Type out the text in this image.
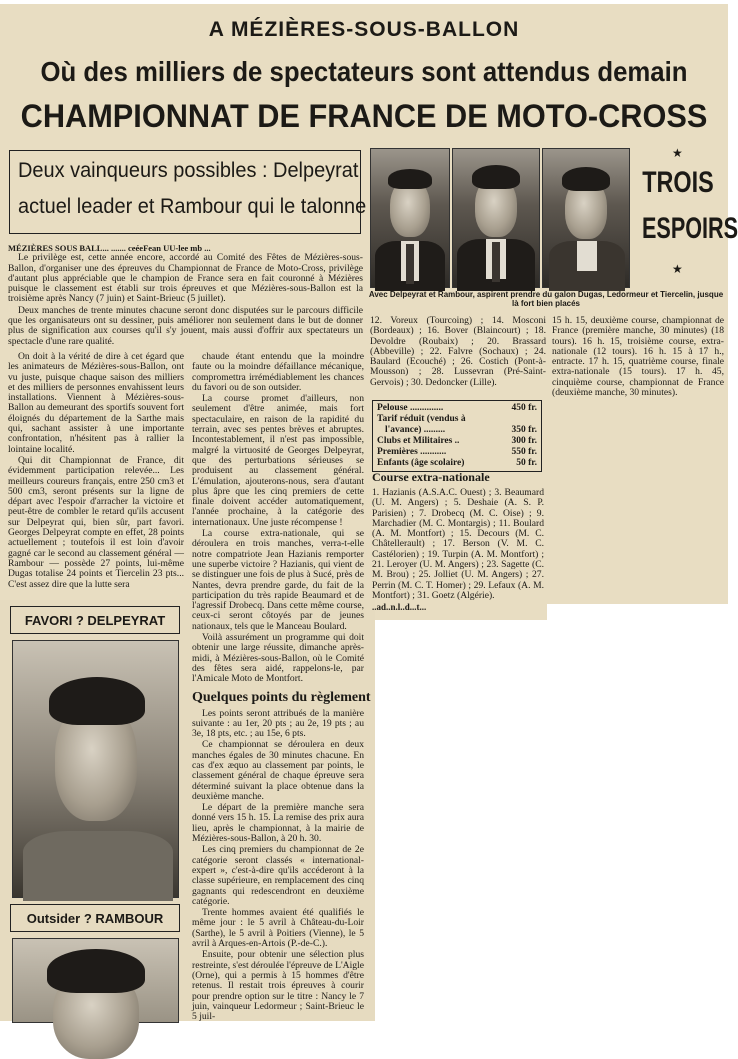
A MÉZIÈRES-SOUS-BALLON
Où des milliers de spectateurs sont attendus demain
CHAMPIONNAT DE FRANCE DE MOTO-CROSS
Deux vainqueurs possibles : Delpeyrat
actuel leader et Rambour qui le talonne
★
TROIS
ESPOIRS
★
Avec Delpeyrat et Rambour, aspirent prendre du galon Dugas, Ledormeur et Tiercelin, jusque là fort bien placés
MÉZIÈRES SOUS BALL... ....... ceéeFean UU-lee mb ...

Le privilège est, cette année encore, accordé au Comité des Fêtes de Mézières-sous-Ballon, d'organiser une des épreuves du Championnat de France de Moto-Cross, privilège d'autant plus appréciable que le champion de France sera en fait couronné à Mézières puisque le classement est établi sur trois épreuves et que Mézières-sous-Ballon est la troisième après Nancy (7 juin) et Saint-Brieuc (5 juillet).

Deux manches de trente minutes chacune seront donc disputées sur le parcours difficile que les organisateurs ont su dessiner, puis améliorer non seulement dans le but de donner plus de signification aux courses qu'il s'y jouent, mais aussi d'offrir aux spectateurs un spectacle d'une rare qualité.

On doit à la vérité de dire à cet égard que les animateurs de Mézières-sous-Ballon, ont vu juste, puisque chaque saison des milliers et des milliers de personnes envahissent leurs installations. Viennent à Mézières-sous-Ballon au demeurant des sportifs souvent fort éloignés du département de la Sarthe mais qui, sachant assister à une importante confrontation, n'hésitent pas à rallier la lointaine localité.

Qui dit Championnat de France, dit évidemment participation relevée... Les meilleurs coureurs français, entre 250 cm3 et 500 cm3, seront présents sur la ligne de départ avec l'espoir d'arracher la victoire et peut-être de combler le retard qu'ils accusent sur Delpeyrat qui, bien sûr, part favori. Georges Delpeyrat compte en effet, 28 points actuellement ; toutefois il est loin d'avoir gagné car le second au classement général — Rambour — possède 27 points, lui-même Dugas totalise 24 points et Tiercelin 23 pts... C'est assez dire que la lutte sera

chaude étant entendu que la moindre faute ou la moindre défaillance mécanique, compromettra irrémédiablement les chances du favori ou de son outsider.

La course promet d'ailleurs, non seulement d'être animée, mais fort spectaculaire, en raison de la rapidité du terrain, avec ses pentes brèves et abruptes. Incontestablement, il n'est pas impossible, malgré la virtuosité de Georges Delpeyrat, que des perturbations sérieuses se produisent au classement général. L'émulation, ajouterons-nous, sera d'autant plus âpre que les cinq premiers de cette finale doivent accéder automatiquement, l'année prochaine, à la catégorie des internationaux. Une juste récompense !

La course extra-nationale, qui se déroulera en trois manches, verra-t-elle notre compatriote Jean Hazianis remporter une superbe victoire ? Hazianis, qui vient de se distinguer une fois de plus à Sucé, près de Nantes, devra prendre garde, du fait de la participation du très rapide Beaumard et de l'agressif Drobecq. Dans cette même course, ceux-ci seront côtoyés par de jeunes nationaux, tels que le Manceau Boulard.

Voilà assurément un programme qui doit obtenir une large réussite, dimanche après-midi, à Mézières-sous-Ballon, où le Comité des fêtes sera aidé, rappelons-le, par l'Amicale Moto de Montfort.

Quelques points du règlement

Les points seront attribués de la manière suivante : au 1er, 20 pts ; au 2e, 19 pts ; au 3e, 18 pts, etc. ; au 15e, 6 pts.

Ce championnat se déroulera en deux manches égales de 30 minutes chacune. En cas d'ex æquo au classement par points, le classement général de chaque épreuve sera déterminé suivant la place obtenue dans la deuxième manche.

Le départ de la première manche sera donné vers 15 h. 15. La remise des prix aura lieu, après le championnat, à la mairie de Mézières-sous-Ballon, à 20 h. 30.

Les cinq premiers du championnat de 2e catégorie seront classés « international-expert », c'est-à-dire qu'ils accéderont à la classe supérieure, en remplacement des cinq gagnants qui redescendront en deuxième catégorie.

Trente hommes avaient été qualifiés le même jour : le 5 avril à Château-du-Loir (Sarthe), le 5 avril à Poitiers (Vienne), le 5 avril à Arques-en-Artois (P.-de-C.).

Ensuite, pour obtenir une sélection plus restreinte, s'est déroulée l'épreuve de L'Aigle (Orne), qui a permis à 15 hommes d'être retenus. Il restait trois épreuves à courir pour prendre option sur le titre : Nancy le 7 juin, vainqueur Ledormeur ; Saint-Brieuc le 5 juil-

12. Voreux (Tourcoing) ; 14. Mosconi (Bordeaux) ; 16. Bover (Blaincourt) ; 18. Devoldre (Roubaix) ; 20. Brassard (Abbeville) ; 22. Falvre (Sochaux) ; 24. Baulard (Ecouché) ; 26. Costich (Pont-à-Mousson) ; 28. Lussevran (Pré-Saint-Gervois) ; 30. Dedoncker (Lille).

15 h. 15, deuxième course, championnat de France (première manche, 30 minutes) (18 tours). 16 h. 15, troisième course, extra-nationale (12 tours). 16 h. 15 à 17 h., entracte. 17 h. 15, quatrième course, finale extra-nationale (15 tours). 17 h. 45, cinquième course, championnat de France (deuxième manche, 30 minutes).

Pelouse ..............	450 fr.
Tarif réduit (vendus à	
l'avance) .........	350 fr.
Clubs et Militaires ..	300 fr.
Premières ...........	550 fr.
Enfants (âge scolaire)	50 fr.
Course extra-nationale

1. Hazianis (A.S.A.C. Ouest) ; 3. Beaumard (U. M. Angers) ; 5. Deshaie (A. S. P. Parisien) ; 7. Drobecq (M. C. Oise) ; 9. Marchadier (M. C. Montargis) ; 11. Boulard (A. M. Montfort) ; 15. Decours (M. C. Châtellerault) ; 17. Berson (V. M. C. Castélorien) ; 19. Turpin (A. M. Montfort) ; 21. Leroyer (U. M. Angers) ; 23. Sagette (C. M. Brou) ; 25. Jolliet (U. M. Angers) ; 27. Perrin (M. C. T. Homer) ; 29. Lefaux (A. M. Montfort) ; 31. Goetz (Algérie).

..ad..n.l..d...t...
FAVORI ? DELPEYRAT
Outsider ? RAMBOUR
